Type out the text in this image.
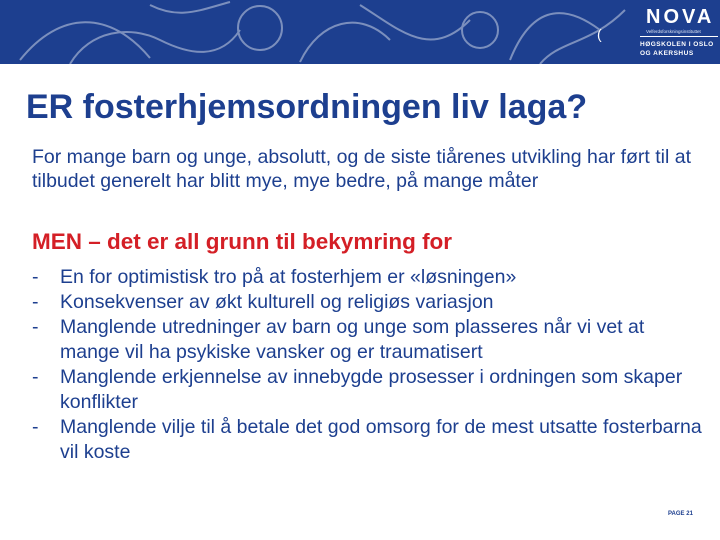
(
NOVA
Velferdsforskningsinstituttet
HØGSKOLEN I OSLO
OG AKERSHUS
ER fosterhjemsordningen liv laga?

For mange barn og unge, absolutt, og de siste tiårenes utvikling har ført til at tilbudet generelt har blitt mye, mye bedre, på mange måter

MEN – det er all grunn til bekymring for
- En for optimistisk tro på at fosterhjem er «løsningen»
- Konsekvenser av økt kulturell og religiøs variasjon
- Manglende utredninger av barn og unge som plasseres når vi vet at mange vil ha psykiske vansker og er traumatisert
- Manglende erkjennelse av innebygde prosesser i ordningen som skaper konflikter
- Manglende vilje til å betale det god omsorg for de mest utsatte fosterbarna vil koste
PAGE 21
